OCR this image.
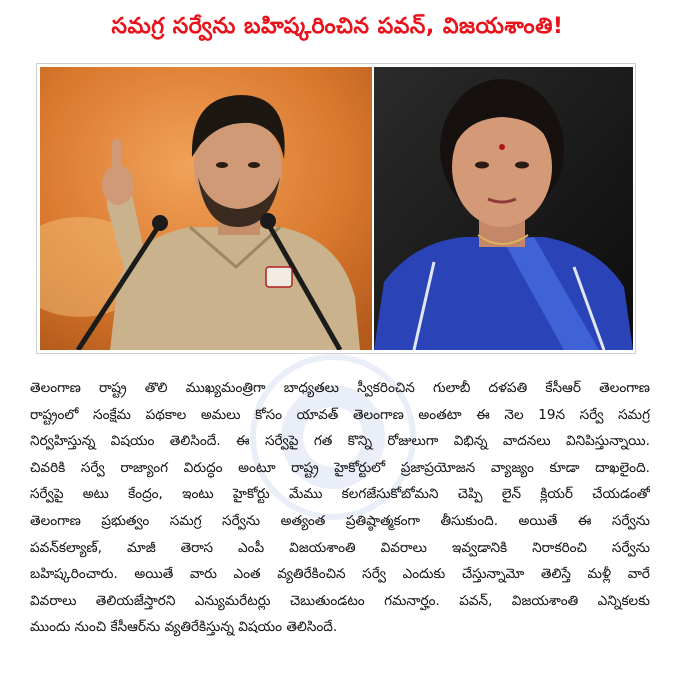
సమగ్ర సర్వేను బహిష్కరించిన పవన్, విజయశాంతి!
తెలంగాణ రాష్ట్ర తొలి ముఖ్యమంత్రిగా బాధ్యతలు స్వీకరించిన గులాబీ దళపతి కేసీఆర్ తెలంగాణ
రాష్ట్రంలో సంక్షేమ పథకాల అమలు కోసం యావత్ తెలంగాణ అంతటా ఈ నెల 19న సర్వే సమగ్ర
నిర్వహిస్తున్న విషయం తెలిసిందే. ఈ సర్వేపై గత కొన్ని రోజులుగా విభిన్న వాదనలు వినిపిస్తున్నాయి.
చివరికి సర్వే రాజ్యాంగ విరుద్ధం అంటూ రాష్ట్ర హైకోర్టులో ప్రజాప్రయోజన వ్యాజ్యం కూడా దాఖలైంది.
సర్వేపై అటు కేంద్రం, ఇంటు హైకోర్టు మేము కలగజేసుకోబోమని చెప్పి లైన్ క్లియర్ చేయడంతో
తెలంగాణ ప్రభుత్వం సమగ్ర సర్వేను అత్యంత ప్రతిష్ఠాత్మకంగా తీసుకుంది. అయితే ఈ సర్వేను
పవన్‌కల్యాణ్, మాజీ తెరాస ఎంపీ విజయశాంతి వివరాలు ఇవ్వడానికి నిరాకరించి సర్వేను
బహిష్కరించారు. అయితే వారు ఎంత వ్యతిరేకించిన సర్వే ఎందుకు చేస్తున్నామో తెలిస్తే మళ్లీ వారే
వివరాలు తెలియజేస్తారని ఎన్యుమరేటర్లు చెబుతుండటం గమనార్హం. పవన్, విజయశాంతి ఎన్నికలకు
ముందు నుంచి కేసీఆర్‌ను వ్యతిరేకిస్తున్న విషయం తెలిసిందే.
